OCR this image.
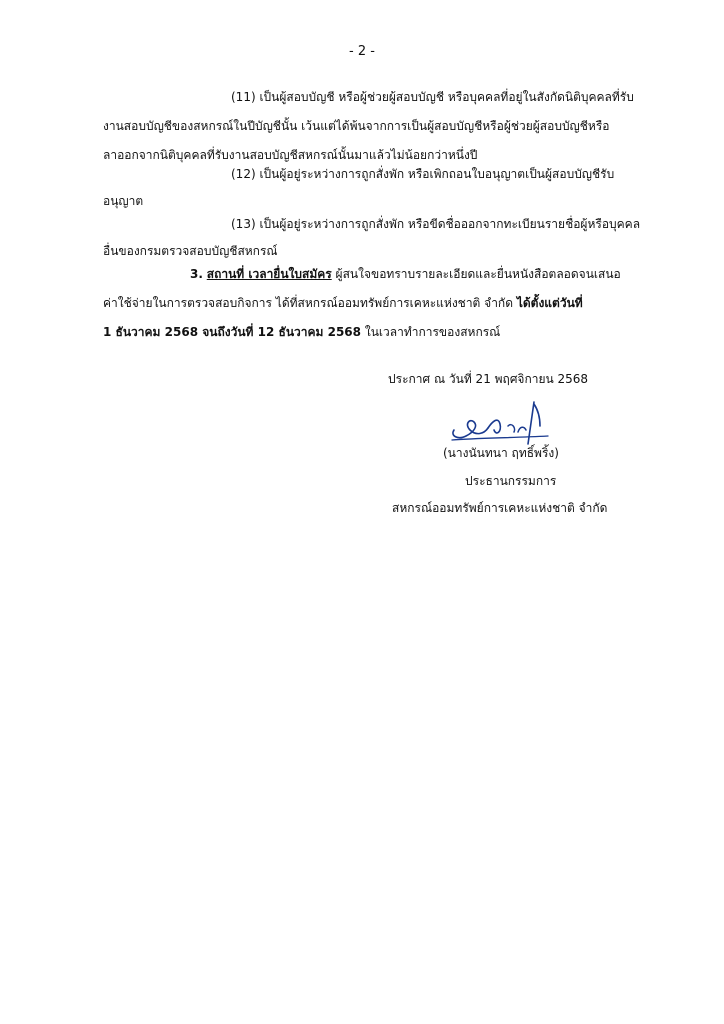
- 2 -
(11) เป็นผู้สอบบัญชี หรือผู้ช่วยผู้สอบบัญชี หรือบุคคลที่อยู่ในสังกัดนิติบุคคลที่รับ
งานสอบบัญชีของสหกรณ์ในปีบัญชีนั้น เว้นแต่ได้พ้นจากการเป็นผู้สอบบัญชีหรือผู้ช่วยผู้สอบบัญชีหรือ
ลาออกจากนิติบุคคลที่รับงานสอบบัญชีสหกรณ์นั้นมาแล้วไม่น้อยกว่าหนึ่งปี
(12) เป็นผู้อยู่ระหว่างการถูกสั่งพัก หรือเพิกถอนใบอนุญาตเป็นผู้สอบบัญชีรับ
อนุญาต
(13) เป็นผู้อยู่ระหว่างการถูกสั่งพัก หรือขีดชื่อออกจากทะเบียนรายชื่อผู้หรือบุคคล
อื่นของกรมตรวจสอบบัญชีสหกรณ์
3. สถานที่ เวลายื่นใบสมัคร ผู้สนใจขอทราบรายละเอียดและยื่นหนังสือตลอดจนเสนอ
ค่าใช้จ่ายในการตรวจสอบกิจการ ได้ที่สหกรณ์ออมทรัพย์การเคหะแห่งชาติ จำกัด ได้ตั้งแต่วันที่
1 ธันวาคม 2568 จนถึงวันที่ 12 ธันวาคม 2568 ในเวลาทำการของสหกรณ์
ประกาศ ณ วันที่ 21 พฤศจิกายน 2568
(นางนันทนา ฤทธิ์พริ้ง)
ประธานกรรมการ
สหกรณ์ออมทรัพย์การเคหะแห่งชาติ จำกัด
